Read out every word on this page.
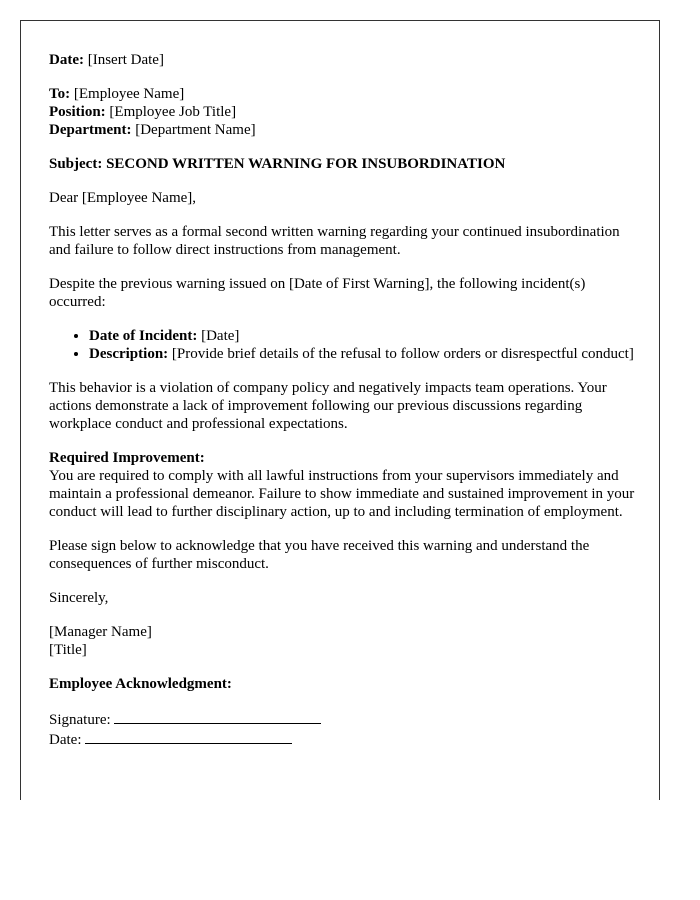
Date: [Insert Date]

To: [Employee Name]
Position: [Employee Job Title]
Department: [Department Name]

Subject: SECOND WRITTEN WARNING FOR INSUBORDINATION

Dear [Employee Name],

This letter serves as a formal second written warning regarding your continued insubordination and failure to follow direct instructions from management.

Despite the previous warning issued on [Date of First Warning], the following incident(s) occurred:

• Date of Incident: [Date]
• Description: [Provide brief details of the refusal to follow orders or disrespectful conduct]

This behavior is a violation of company policy and negatively impacts team operations. Your actions demonstrate a lack of improvement following our previous discussions regarding workplace conduct and professional expectations.

Required Improvement:
You are required to comply with all lawful instructions from your supervisors immediately and maintain a professional demeanor. Failure to show immediate and sustained improvement in your conduct will lead to further disciplinary action, up to and including termination of employment.

Please sign below to acknowledge that you have received this warning and understand the consequences of further misconduct.

Sincerely,

[Manager Name]
[Title]

Employee Acknowledgment:

Signature:
Date:
